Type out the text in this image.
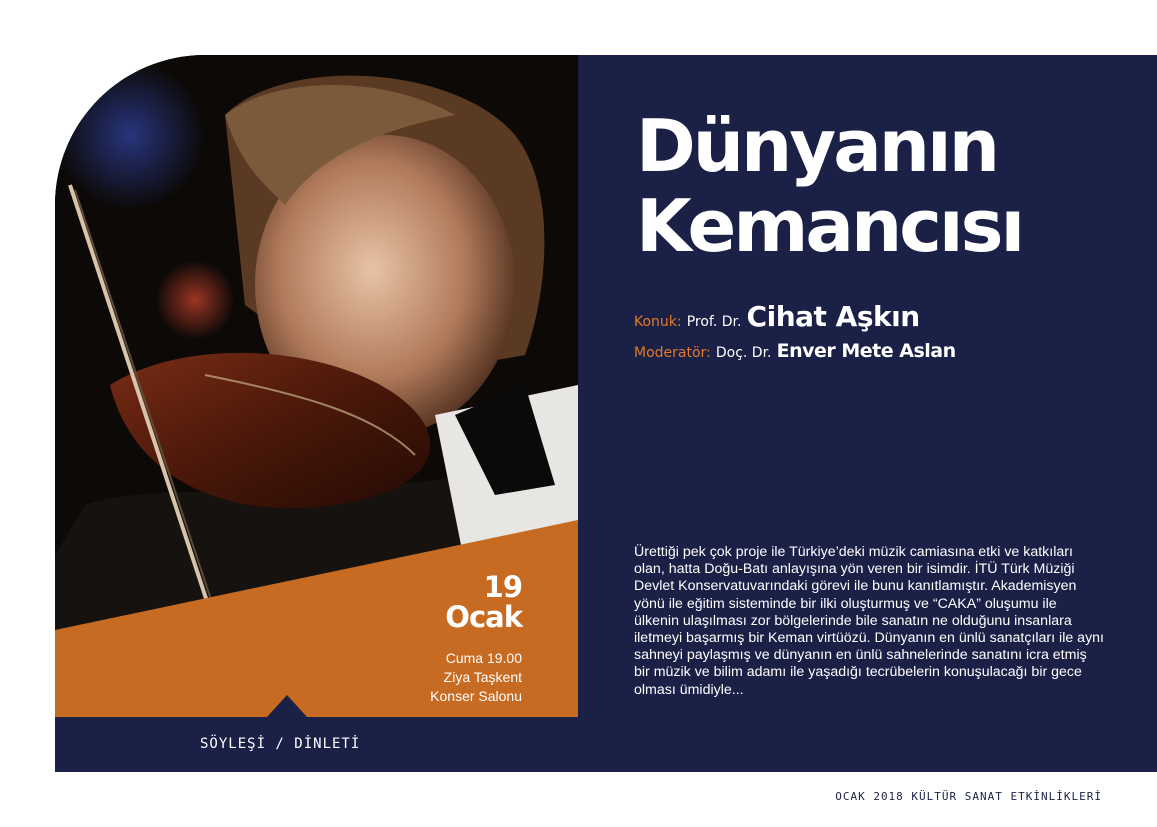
Dünyanın
Kemancısı
Konuk: Prof. Dr. Cihat Aşkın
Moderatör: Doç. Dr. Enver Mete Aslan

Ürettiği pek çok proje ile Türkiye’deki müzik camiasına etki ve katkıları olan, hatta Doğu-Batı anlayışına yön veren bir isimdir. İTÜ Türk Müziği Devlet Konservatuvarındaki görevi ile bunu kanıtlamıştır. Akademisyen yönü ile eğitim sisteminde bir ilki oluşturmuş ve “CAKA” oluşumu ile ülkenin ulaşılması zor bölgelerinde bile sanatın ne olduğunu insanlara iletmeyi başarmış bir Keman virtüözü. Dünyanın en ünlü sanatçıları ile aynı sahneyi paylaşmış ve dünyanın en ünlü sahnelerinde sanatını icra etmiş bir müzik ve bilim adamı ile yaşadığı tecrübelerin konuşulacağı bir gece olması ümidiyle...

19
Ocak
Cuma 19.00
Ziya Taşkent
Konser Salonu
SÖYLEŞİ / DİNLETİ
OCAK 2018 KÜLTÜR SANAT ETKİNLİKLERİ
